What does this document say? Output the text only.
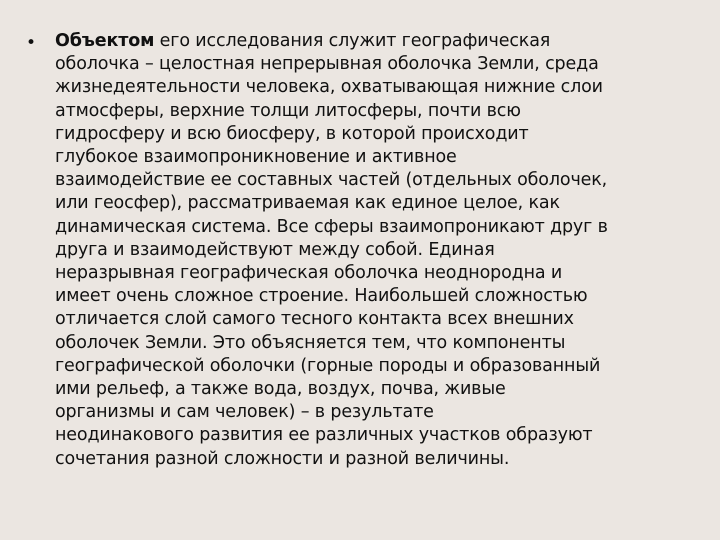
• Объектом его исследования служит географическая
оболочка – целостная непрерывная оболочка Земли, среда
жизнедеятельности человека, охватывающая нижние слои
атмосферы, верхние толщи литосферы, почти всю
гидросферу и всю биосферу, в которой происходит
глубокое взаимопроникновение и активное
взаимодействие ее составных частей (отдельных оболочек,
или геосфер), рассматриваемая как единое целое, как
динамическая система. Все сферы взаимопроникают друг в
друга и взаимодействуют между собой. Единая
неразрывная географическая оболочка неоднородна и
имеет очень сложное строение. Наибольшей сложностью
отличается слой самого тесного контакта всех внешних
оболочек Земли. Это объясняется тем, что компоненты
географической оболочки (горные породы и образованный
ими рельеф, а также вода, воздух, почва, живые
организмы и сам человек) – в результате
неодинакового развития ее различных участков образуют
сочетания разной сложности и разной величины.
